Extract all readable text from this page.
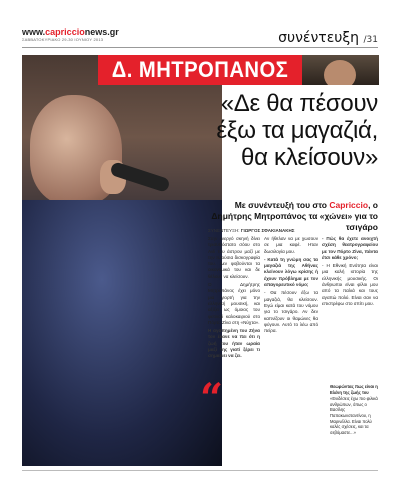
www.capriccionews.gr
ΣΑΒΒΑΤΟΚΥΡΙΑΚΟ 29-30 ΙΟΥΝΙΟΥ 2013	συνέντευξη /31
Δ. ΜΗΤΡΟΠΑΝΟΣ
«Δε θα πέσουν
έξω τα μαγαζιά,
θα κλείσουν»
Με συνέντευξή του στο Capriccio, ο Δημήτρης Μητροπάνος τα «χώνει» για το τσιγάρο
ΣΥΝΕΝΤΕΥΞΗ: ΓΙΩΡΓΟΣ ΣΦΑΚΙΑΝΑΚΗΣ

Στην ενεργό σκηνή δίνει τρισυπόστατο σόου στο Avli του άστρου μαζί με την πλούσια δισκογραφία του. Δεν φοβούνται τα οικονομικά του και δε θέλουν να κλείσουν.

Ο Δημήτρης Μητροπάνος έχει μόνο μια γιορτή για την ελληνική μουσική, και αξίζει ως όμοιος του φετινού καλοκαιριού στο Πόρτο Ζίνα στη «Νύχτα».

Η αγαπημένη του Ζήνα τον έκανε να πει ότι η ζωή του ήταν ωραία μαζί της γιατί ξέρει τι σημαίνει να ζει.

Αν ήθελαν να με χωσουν σε μια καφέ. Ηταν δωσιλογία μου.

- Κατά τη γνώμη σας τα μαγαζιά της Αθήνας κλείνουν λόγω κρίσης ή έχουν πρόβλημα με τον απαγορευτικό νόμο;

- Θα πέσουν έξω τα μαγαζιά, θα κλείσουν. Εγώ είμαι κατά του νόμου για το τσιγάρο. Αν δεν καπνίζουν οι θαμώνες θα φύγουν. Αυτό το λέω από πείρα.

- Πώς θα έχετε ανοιχτή σχέση θεατρογραφείου με τον Πόρτο Ζίνα, πάντα έτσι κάθε χρόνο;

- Η Εθνική Ενότητα είναι μια καλή ιστορία της ελληνικής μουσικής. Οι άνθρωποι είναι φίλοι μου από τα παλιά και τους αγαπώ πολύ. Είναι σαν να επιστρέφω στο σπίτι μου.

“ Η Πέγκυ Ζήνα μου θυμίζει τα νιάτα μου. Έχει μαγικά και τσαμπουκά που μου αρέσει πάρα πολύ. Χαίρομαι σαν να είναι κόρη μου...
Θεωρώντας πως είναι η Ελένη της ζωής του
«Ενιδέσεις έχω πιο φιλικά ανθρώπων, όπως ο Βασίλης Παπακωνσταντίνου, η Μαρινέλλα. Είναι πολύ καλές σχέσεις, και τα σεβόμαστε...»
